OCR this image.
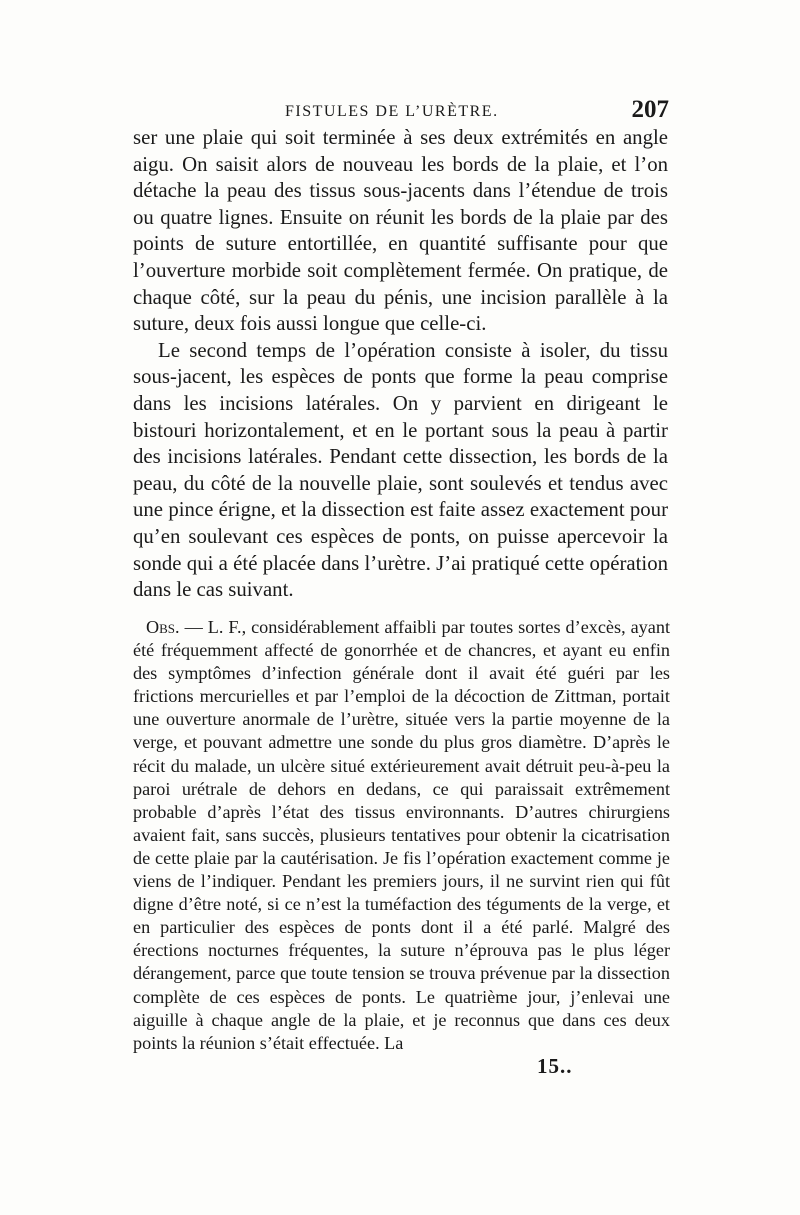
FISTULES DE L’URÈTRE.	207

ser une plaie qui soit terminée à ses deux extrémités en angle aigu. On saisit alors de nouveau les bords de la plaie, et l’on détache la peau des tissus sous-jacents dans l’étendue de trois ou quatre lignes. Ensuite on réunit les bords de la plaie par des points de suture entortillée, en quantité suffisante pour que l’ouverture morbide soit complètement fermée. On pratique, de chaque côté, sur la peau du pénis, une incision parallèle à la suture, deux fois aussi longue que celle-ci.

Le second temps de l’opération consiste à isoler, du tissu sous-jacent, les espèces de ponts que forme la peau comprise dans les incisions latérales. On y parvient en dirigeant le bistouri horizontalement, et en le portant sous la peau à partir des incisions latérales. Pendant cette dissection, les bords de la peau, du côté de la nouvelle plaie, sont soulevés et tendus avec une pince érigne, et la dissection est faite assez exactement pour qu’en soulevant ces espèces de ponts, on puisse apercevoir la sonde qui a été placée dans l’urètre. J’ai pratiqué cette opération dans le cas suivant.

Obs. — L. F., considérablement affaibli par toutes sortes d’excès, ayant été fréquemment affecté de gonorrhée et de chancres, et ayant eu enfin des symptômes d’infection générale dont il avait été guéri par les frictions mercurielles et par l’emploi de la décoction de Zittman, portait une ouverture anormale de l’urètre, située vers la partie moyenne de la verge, et pouvant admettre une sonde du plus gros diamètre. D’après le récit du malade, un ulcère situé extérieurement avait détruit peu-à-peu la paroi urétrale de dehors en dedans, ce qui paraissait extrêmement probable d’après l’état des tissus environnants. D’autres chirurgiens avaient fait, sans succès, plusieurs tentatives pour obtenir la cicatrisation de cette plaie par la cautérisation. Je fis l’opération exactement comme je viens de l’indiquer. Pendant les premiers jours, il ne survint rien qui fût digne d’être noté, si ce n’est la tuméfaction des téguments de la verge, et en particulier des espèces de ponts dont il a été parlé. Malgré des érections nocturnes fréquentes, la suture n’éprouva pas le plus léger dérangement, parce que toute tension se trouva prévenue par la dissection complète de ces espèces de ponts. Le quatrième jour, j’enlevai une aiguille à chaque angle de la plaie, et je reconnus que dans ces deux points la réunion s’était effectuée. La

15..
